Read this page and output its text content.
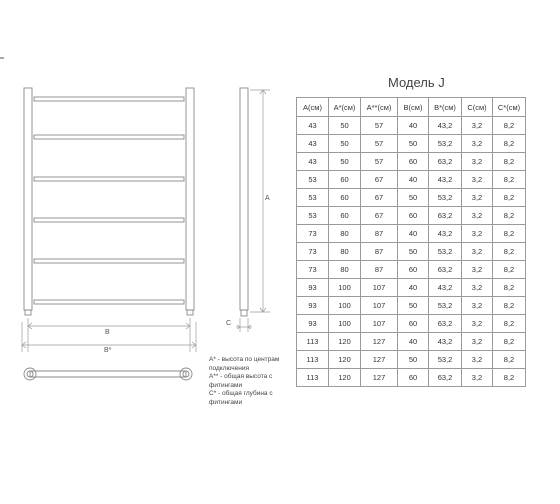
B
B*
A
C
Модель J
A(см)	A*(см)	A**(см)	B(см)	B*(см)	C(см)	C*(см)
43	50	57	40	43,2	3,2	8,2
43	50	57	50	53,2	3,2	8,2
43	50	57	60	63,2	3,2	8,2
53	60	67	40	43,2	3,2	8,2
53	60	67	50	53,2	3,2	8,2
53	60	67	60	63,2	3,2	8,2
73	80	87	40	43,2	3,2	8,2
73	80	87	50	53,2	3,2	8,2
73	80	87	60	63,2	3,2	8,2
93	100	107	40	43,2	3,2	8,2
93	100	107	50	53,2	3,2	8,2
93	100	107	60	63,2	3,2	8,2
113	120	127	40	43,2	3,2	8,2
113	120	127	50	53,2	3,2	8,2
113	120	127	60	63,2	3,2	8,2
A* - высота по центрам
подключения
A** - общая высота с
фитингами
C* - общая глубина с
фитингами
